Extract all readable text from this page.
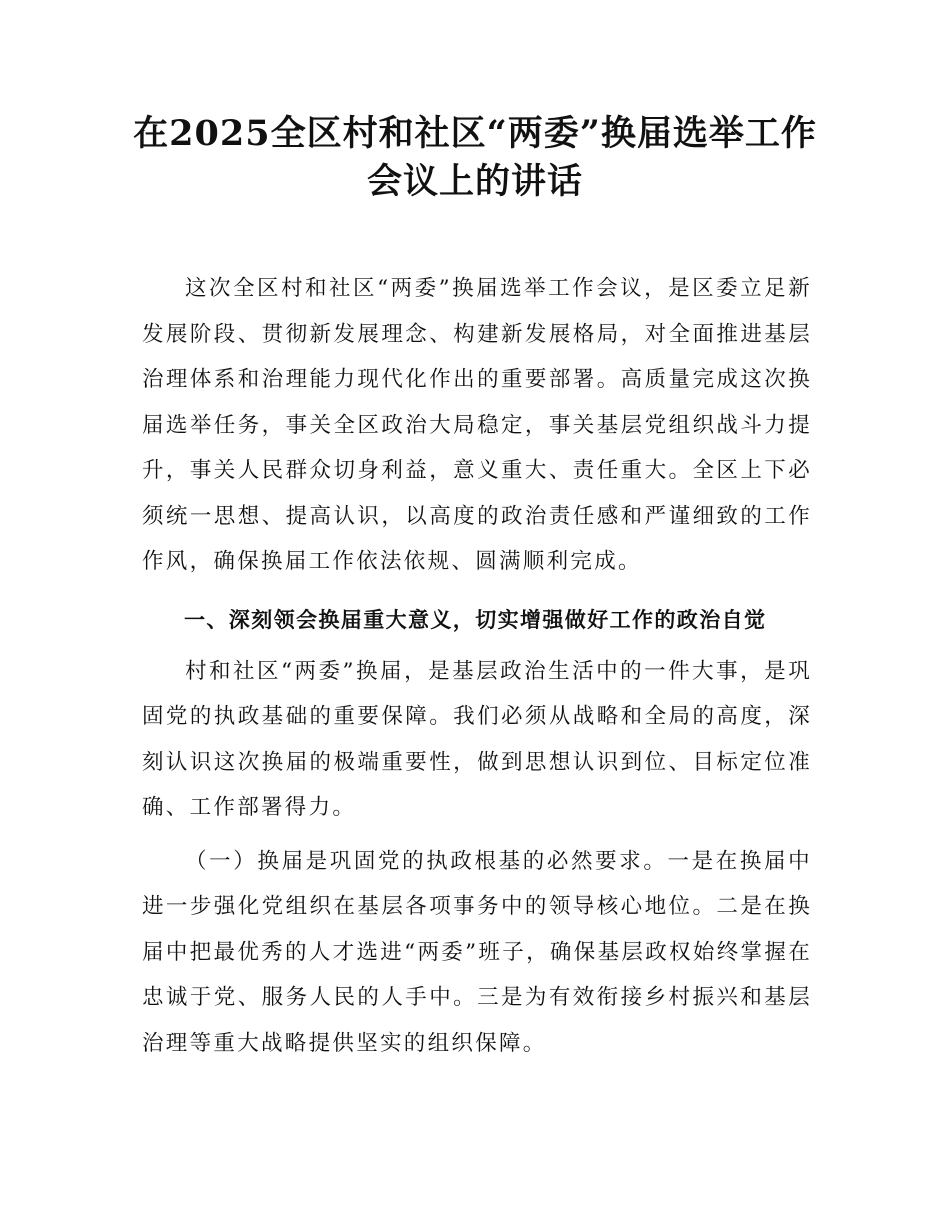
在2025全区村和社区“两委”换届选举工作
会议上的讲话

这次全区村和社区“两委”换届选举工作会议，是区委立足新发展阶段、贯彻新发展理念、构建新发展格局，对全面推进基层治理体系和治理能力现代化作出的重要部署。高质量完成这次换届选举任务，事关全区政治大局稳定，事关基层党组织战斗力提升，事关人民群众切身利益，意义重大、责任重大。全区上下必须统一思想、提高认识，以高度的政治责任感和严谨细致的工作作风，确保换届工作依法依规、圆满顺利完成。

一、深刻领会换届重大意义，切实增强做好工作的政治自觉

村和社区“两委”换届，是基层政治生活中的一件大事，是巩固党的执政基础的重要保障。我们必须从战略和全局的高度，深刻认识这次换届的极端重要性，做到思想认识到位、目标定位准确、工作部署得力。

（一）换届是巩固党的执政根基的必然要求。一是在换届中进一步强化党组织在基层各项事务中的领导核心地位。二是在换届中把最优秀的人才选进“两委”班子，确保基层政权始终掌握在忠诚于党、服务人民的人手中。三是为有效衔接乡村振兴和基层治理等重大战略提供坚实的组织保障。
